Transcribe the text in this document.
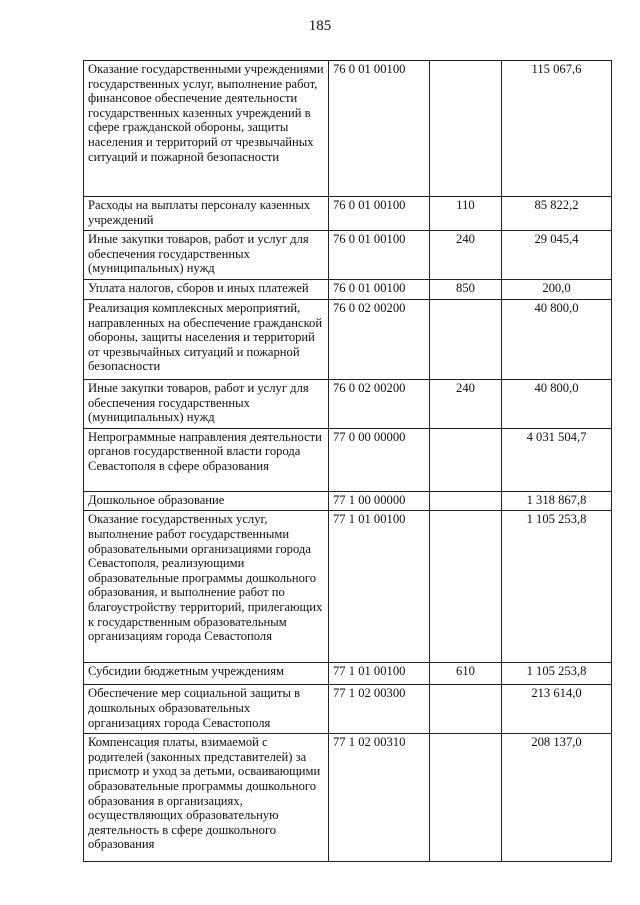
185
Оказание государственными учреждениями государственных услуг, выполнение работ, финансовое обеспечение деятельности государственных казенных учреждений в сфере гражданской обороны, защиты населения и территорий от чрезвычайных ситуаций и пожарной безопасности	76 0 01 00100		115 067,6
Расходы на выплаты персоналу казенных учреждений	76 0 01 00100	110	85 822,2
Иные закупки товаров, работ и услуг для обеспечения государственных (муниципальных) нужд	76 0 01 00100	240	29 045,4
Уплата налогов, сборов и иных платежей	76 0 01 00100	850	200,0
Реализация комплексных мероприятий, направленных на обеспечение гражданской обороны, защиты населения и территорий от чрезвычайных ситуаций и пожарной безопасности	76 0 02 00200		40 800,0
Иные закупки товаров, работ и услуг для обеспечения государственных (муниципальных) нужд	76 0 02 00200	240	40 800,0
Непрограммные направления деятельности органов государственной власти города Севастополя в сфере образования	77 0 00 00000		4 031 504,7
Дошкольное образование	77 1 00 00000		1 318 867,8
Оказание государственных услуг, выполнение работ государственными образовательными организациями города Севастополя, реализующими образовательные программы дошкольного образования, и выполнение работ по благоустройству территорий, прилегающих к государственным образовательным организациям города Севастополя	77 1 01 00100		1 105 253,8
Субсидии бюджетным учреждениям	77 1 01 00100	610	1 105 253,8
Обеспечение мер социальной защиты в дошкольных образовательных организациях города Севастополя	77 1 02 00300		213 614,0
Компенсация платы, взимаемой с родителей (законных представителей) за присмотр и уход за детьми, осваивающими образовательные программы дошкольного образования в организациях, осуществляющих образовательную деятельность в сфере дошкольного образования	77 1 02 00310		208 137,0
